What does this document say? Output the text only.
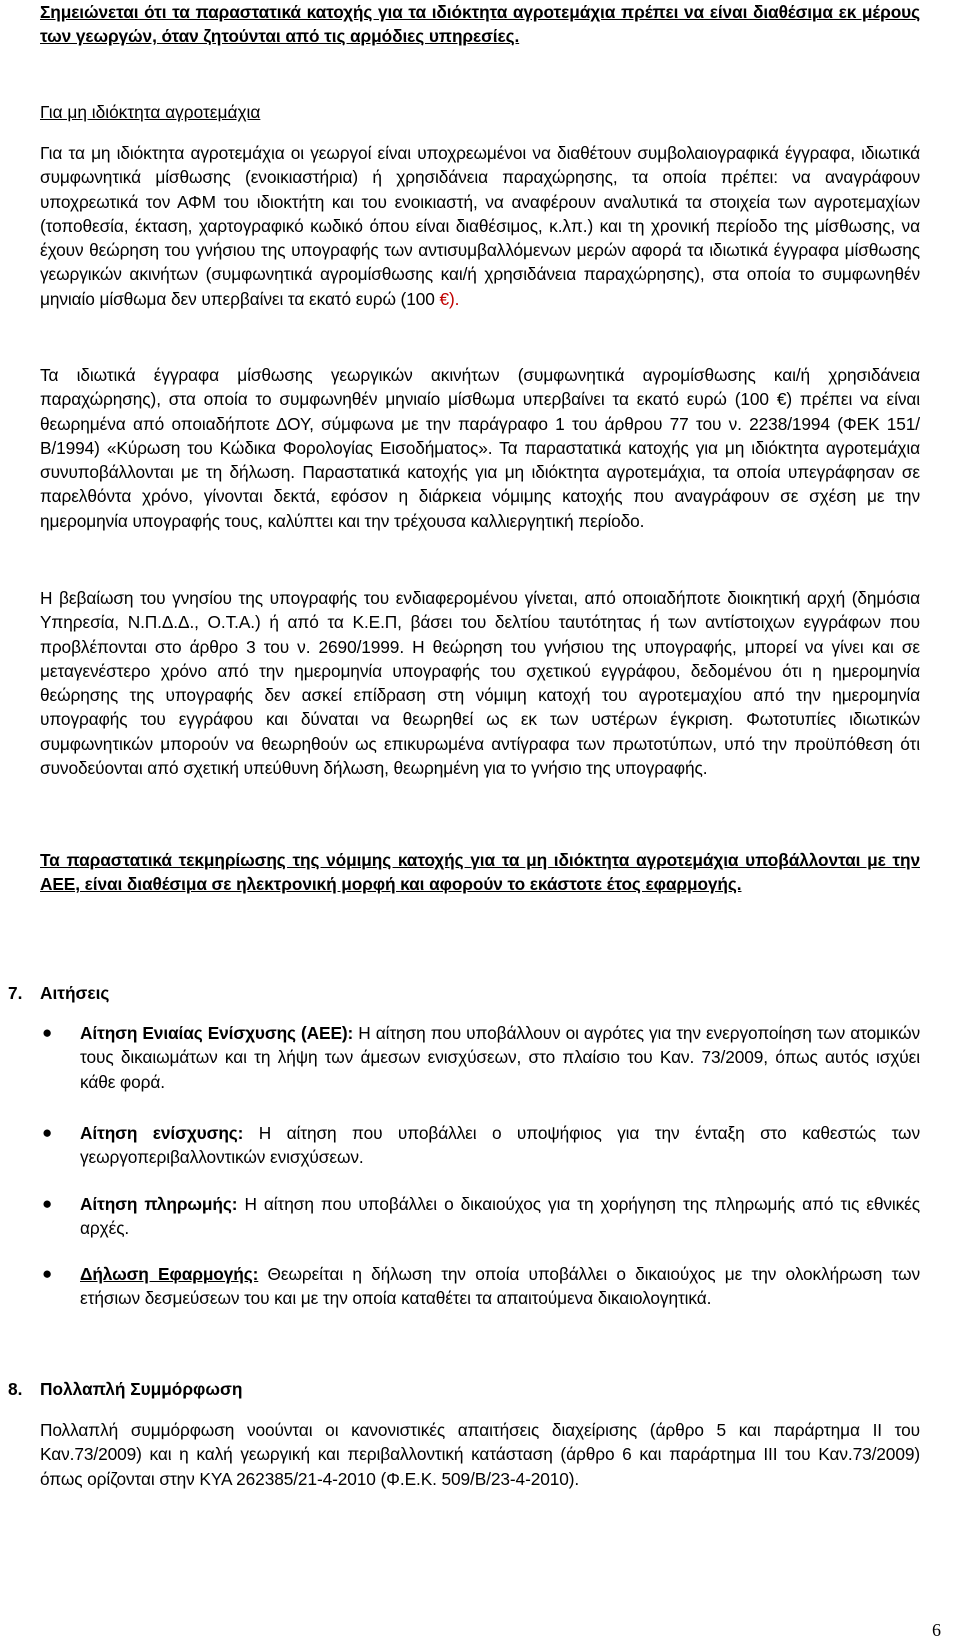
Σημειώνεται ότι τα παραστατικά κατοχής για τα ιδιόκτητα αγροτεμάχια πρέπει να είναι διαθέσιμα εκ μέρους των γεωργών, όταν ζητούνται από τις αρμόδιες υπηρεσίες.

Για μη ιδιόκτητα αγροτεμάχια

Για τα μη ιδιόκτητα αγροτεμάχια οι γεωργοί είναι υποχρεωμένοι να διαθέτουν συμβολαιογραφικά έγγραφα, ιδιωτικά συμφωνητικά μίσθωσης (ενοικιαστήρια) ή χρησιδάνεια παραχώρησης, τα οποία πρέπει: να αναγράφουν υποχρεωτικά τον ΑΦΜ του ιδιοκτήτη και του ενοικιαστή, να αναφέρουν αναλυτικά τα στοιχεία των αγροτεμαχίων (τοποθεσία, έκταση, χαρτογραφικό κωδικό όπου είναι διαθέσιμος, κ.λπ.) και τη χρονική περίοδο της μίσθωσης, να έχουν θεώρηση του γνήσιου της υπογραφής των αντισυμβαλλόμενων μερών αφορά τα ιδιωτικά έγγραφα μίσθωσης γεωργικών ακινήτων (συμφωνητικά αγρομίσθωσης και/ή χρησιδάνεια παραχώρησης), στα οποία το συμφωνηθέν μηνιαίο μίσθωμα δεν υπερβαίνει τα εκατό ευρώ (100 €).

Τα ιδιωτικά έγγραφα μίσθωσης γεωργικών ακινήτων (συμφωνητικά αγρομίσθωσης και/ή χρησιδάνεια παραχώρησης), στα οποία το συμφωνηθέν μηνιαίο μίσθωμα υπερβαίνει τα εκατό ευρώ (100 €) πρέπει να είναι θεωρημένα από οποιαδήποτε ΔΟΥ, σύμφωνα με την παράγραφο 1 του άρθρου 77 του ν. 2238/1994 (ΦΕΚ 151/Β/1994) «Κύρωση του Κώδικα Φορολογίας Εισοδήματος». Τα παραστατικά κατοχής για μη ιδιόκτητα αγροτεμάχια συνυποβάλλονται με τη δήλωση. Παραστατικά κατοχής για μη ιδιόκτητα αγροτεμάχια, τα οποία υπεγράφησαν σε παρελθόντα χρόνο, γίνονται δεκτά, εφόσον η διάρκεια νόμιμης κατοχής που αναγράφουν σε σχέση με την ημερομηνία υπογραφής τους, καλύπτει και την τρέχουσα καλλιεργητική περίοδο.

Η βεβαίωση του γνησίου της υπογραφής του ενδιαφερομένου γίνεται, από οποιαδήποτε διοικητική αρχή (δημόσια Υπηρεσία, Ν.Π.Δ.Δ., Ο.Τ.Α.) ή από τα Κ.Ε.Π, βάσει του δελτίου ταυτότητας ή των αντίστοιχων εγγράφων που προβλέπονται στο άρθρο 3 του ν. 2690/1999. Η θεώρηση του γνήσιου της υπογραφής, μπορεί να γίνει και σε μεταγενέστερο χρόνο από την ημερομηνία υπογραφής του σχετικού εγγράφου, δεδομένου ότι η ημερομηνία θεώρησης της υπογραφής δεν ασκεί επίδραση στη νόμιμη κατοχή του αγροτεμαχίου από την ημερομηνία υπογραφής του εγγράφου και δύναται να θεωρηθεί ως εκ των υστέρων έγκριση. Φωτοτυπίες ιδιωτικών συμφωνητικών μπορούν να θεωρηθούν ως επικυρωμένα αντίγραφα των πρωτοτύπων, υπό την προϋπόθεση ότι συνοδεύονται από σχετική υπεύθυνη δήλωση, θεωρημένη για το γνήσιο της υπογραφής.

Τα παραστατικά τεκμηρίωσης της νόμιμης κατοχής για τα μη ιδιόκτητα αγροτεμάχια υποβάλλονται με την ΑΕΕ, είναι διαθέσιμα σε ηλεκτρονική μορφή και αφορούν το εκάστοτε έτος εφαρμογής.

7. Αιτήσεις
● Αίτηση Ενιαίας Ενίσχυσης (ΑΕΕ): Η αίτηση που υποβάλλουν οι αγρότες για την ενεργοποίηση των ατομικών τους δικαιωμάτων και τη λήψη των άμεσων ενισχύσεων, στο πλαίσιο του Καν. 73/2009, όπως αυτός ισχύει κάθε φορά.

● Αίτηση ενίσχυσης: Η αίτηση που υποβάλλει ο υποψήφιος για την ένταξη στο καθεστώς των γεωργοπεριβαλλοντικών ενισχύσεων.

● Αίτηση πληρωμής: Η αίτηση που υποβάλλει ο δικαιούχος για τη χορήγηση της πληρωμής από τις εθνικές αρχές.

● Δήλωση Εφαρμογής: Θεωρείται η δήλωση την οποία υποβάλλει ο δικαιούχος με την ολοκλήρωση των ετήσιων δεσμεύσεων του και με την οποία καταθέτει τα απαιτούμενα δικαιολογητικά.

8. Πολλαπλή Συμμόρφωση

Πολλαπλή συμμόρφωση νοούνται οι κανονιστικές απαιτήσεις διαχείρισης (άρθρο 5 και παράρτημα ΙΙ του Καν.73/2009) και η καλή γεωργική και περιβαλλοντική κατάσταση (άρθρο 6 και παράρτημα ΙΙΙ του Καν.73/2009) όπως ορίζονται στην ΚΥΑ 262385/21-4-2010 (Φ.Ε.Κ. 509/Β/23-4-2010).

6
